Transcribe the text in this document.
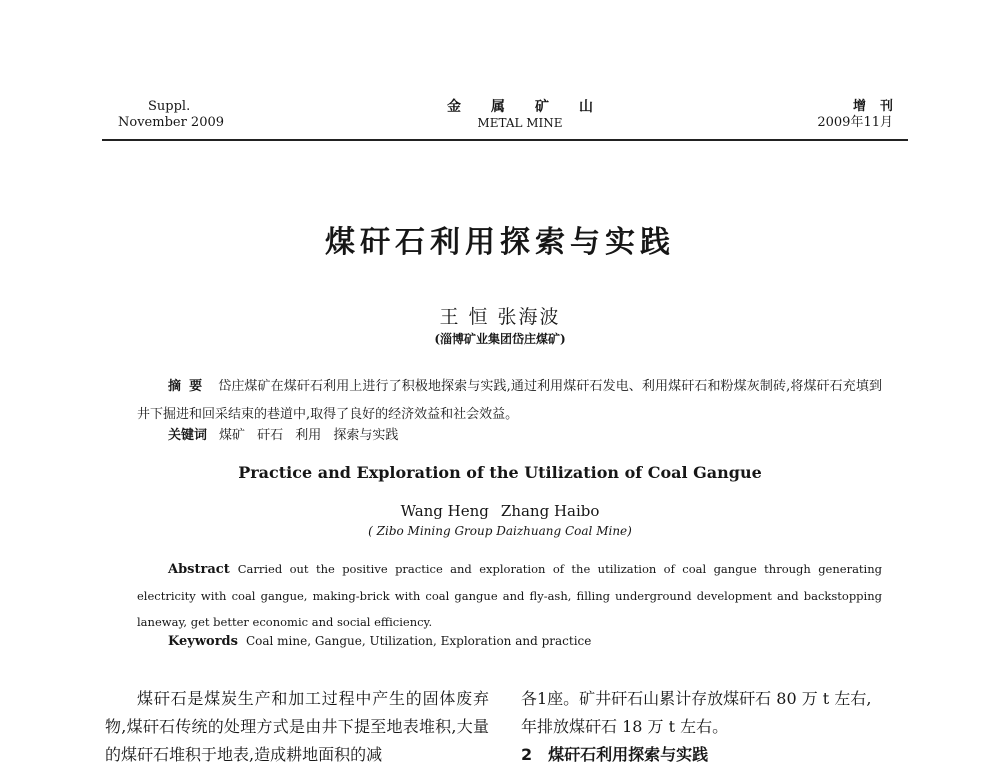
Suppl.
November 2009
金属矿山
METAL MINE
增刊
2009年11月
煤矸石利用探索与实践
王 恒 张海波
(淄博矿业集团岱庄煤矿)
摘要 岱庄煤矿在煤矸石利用上进行了积极地探索与实践,通过利用煤矸石发电、利用煤矸石和粉煤灰制砖,将煤矸石充填到井下掘进和回采结束的巷道中,取得了良好的经济效益和社会效益。
关键词 煤矿 矸石 利用 探索与实践
Practice and Exploration of the Utilization of Coal Gangue
Wang Heng Zhang Haibo
( Zibo Mining Group Daizhuang Coal Mine)
Abstract Carried out the positive practice and exploration of the utilization of coal gangue through generating electricity with coal gangue, making-brick with coal gangue and fly-ash, filling underground development and backstopping laneway, get better economic and social efficiency.
Keywords Coal mine, Gangue, Utilization, Exploration and practice
煤矸石是煤炭生产和加工过程中产生的固体废弃物,煤矸石传统的处理方式是由井下提至地表堆积,大量的煤矸石堆积于地表,造成耕地面积的减
各1座。矿井矸石山累计存放煤矸石 80 万 t 左右,
年排放煤矸石 18 万 t 左右。
2 煤矸石利用探索与实践
